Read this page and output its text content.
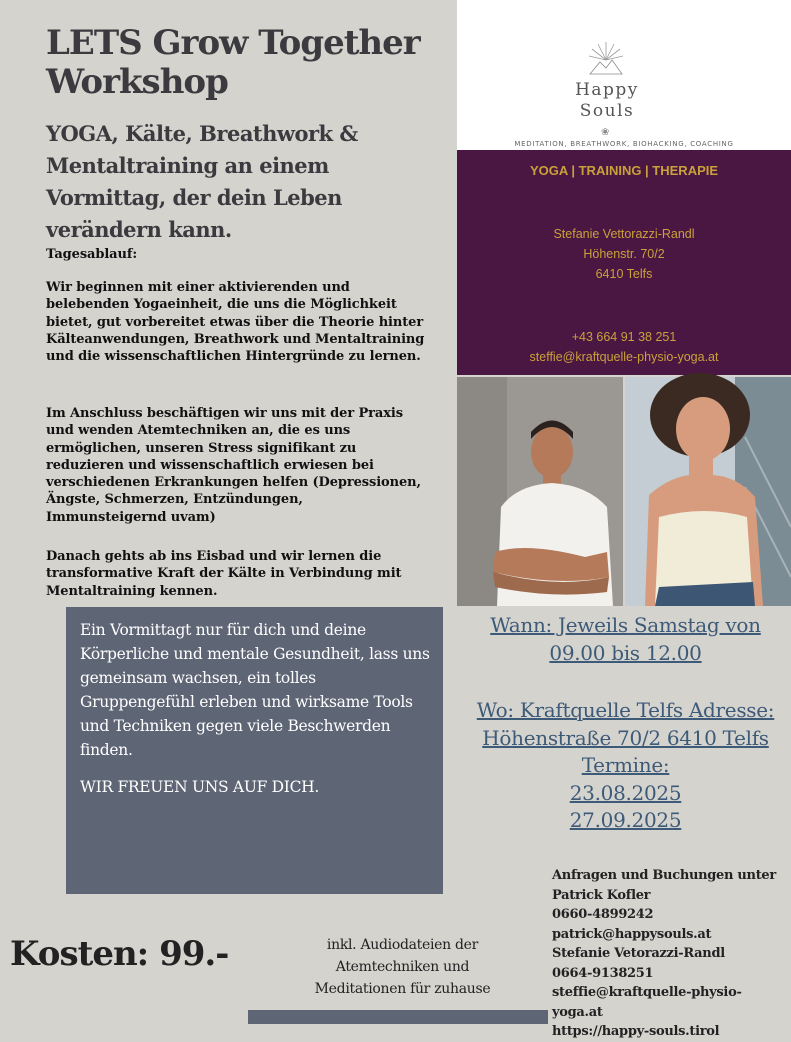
LETS Grow Together Workshop
YOGA, Kälte, Breathwork & Mentaltraining an einem Vormittag, der dein Leben verändern kann.
Tagesablauf:
Wir beginnen mit einer aktivierenden und belebenden Yogaeinheit, die uns die Möglichkeit bietet, gut vorbereitet etwas über die Theorie hinter Kälteanwendungen, Breathwork und Mentaltraining und die wissenschaftlichen Hintergründe zu lernen.
Im Anschluss beschäftigen wir uns mit der Praxis und wenden Atemtechniken an, die es uns ermöglichen, unseren Stress signifikant zu reduzieren und wissenschaftlich erwiesen bei verschiedenen Erkrankungen helfen (Depressionen, Ängste, Schmerzen, Entzündungen, Immunsteigernd uvam)
Danach gehts ab ins Eisbad und wir lernen die transformative Kraft der Kälte in Verbindung mit Mentaltraining kennen.
Happy
Souls
❀
MEDITATION, BREATHWORK, BIOHACKING, COACHING
YOGA | TRAINING | THERAPIE
Stefanie Vettorazzi-Randl
Höhenstr. 70/2
6410 Telfs
+43 664 91 38 251
steffie@kraftquelle-physio-yoga.at
Ein Vormittagt nur für dich und deine Körperliche und mentale Gesundheit, lass uns gemeinsam wachsen, ein tolles Gruppengefühl erleben und wirksame Tools und Techniken gegen viele Beschwerden finden.
WIR FREUEN UNS AUF DICH.
Wann: Jeweils Samstag von 09.00 bis 12.00
Wo: Kraftquelle Telfs Adresse: Höhenstraße 70/2 6410 Telfs
Termine:
23.08.2025
27.09.2025
Anfragen und Buchungen unter
Patrick Kofler
0660-4899242
patrick@happysouls.at
Stefanie Vetorazzi-Randl
0664-9138251
steffie@kraftquelle-physio-yoga.at
https://happy-souls.tirol
Kosten: 99.-	inkl. Audiodateien der Atemtechniken und Meditationen für zuhause
